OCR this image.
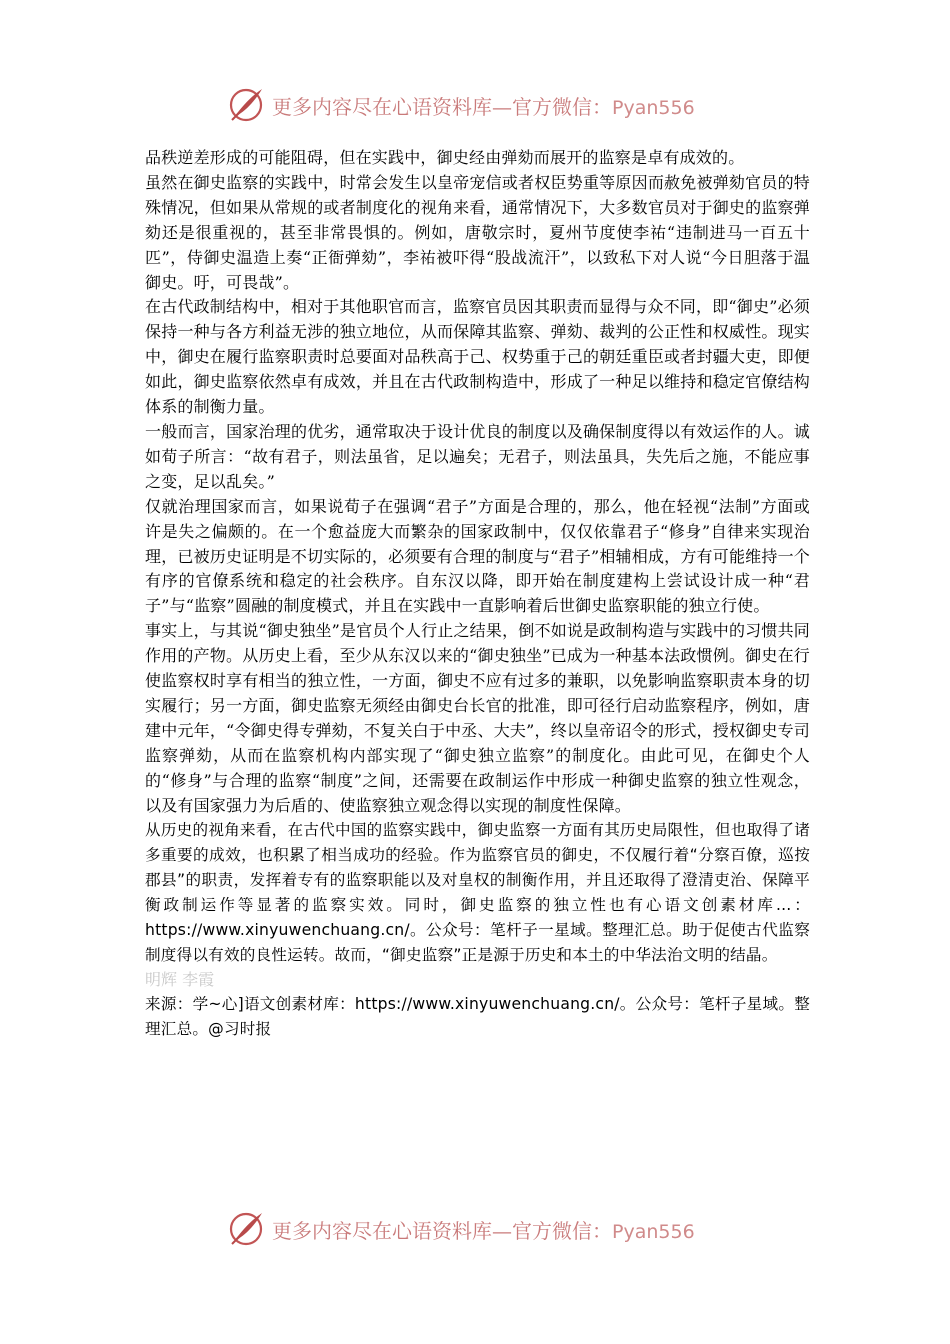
更多内容尽在心语资料库—官方微信：Pyan556

品秩逆差形成的可能阻碍，但在实践中，御史经由弹劾而展开的监察是卓有成效的。

虽然在御史监察的实践中，时常会发生以皇帝宠信或者权臣势重等原因而赦免被弹劾官员的特殊情况，但如果从常规的或者制度化的视角来看，通常情况下，大多数官员对于御史的监察弹劾还是很重视的，甚至非常畏惧的。例如，唐敬宗时，夏州节度使李祐“违制进马一百五十匹”，侍御史温造上奏“正衙弹劾”，李祐被吓得“股战流汗”，以致私下对人说“今日胆落于温御史。吁，可畏哉”。

在古代政制结构中，相对于其他职官而言，监察官员因其职责而显得与众不同，即“御史”必须保持一种与各方利益无涉的独立地位，从而保障其监察、弹劾、裁判的公正性和权威性。现实中，御史在履行监察职责时总要面对品秩高于己、权势重于己的朝廷重臣或者封疆大吏，即便如此，御史监察依然卓有成效，并且在古代政制构造中，形成了一种足以维持和稳定官僚结构体系的制衡力量。

一般而言，国家治理的优劣，通常取决于设计优良的制度以及确保制度得以有效运作的人。诚如荀子所言：“故有君子，则法虽省，足以遍矣；无君子，则法虽具，失先后之施，不能应事之变，足以乱矣。”

仅就治理国家而言，如果说荀子在强调“君子”方面是合理的，那么，他在轻视“法制”方面或许是失之偏颇的。在一个愈益庞大而繁杂的国家政制中，仅仅依靠君子“修身”自律来实现治理，已被历史证明是不切实际的，必须要有合理的制度与“君子”相辅相成，方有可能维持一个有序的官僚系统和稳定的社会秩序。自东汉以降，即开始在制度建构上尝试设计成一种“君子”与“监察”圆融的制度模式，并且在实践中一直影响着后世御史监察职能的独立行使。

事实上，与其说“御史独坐”是官员个人行止之结果，倒不如说是政制构造与实践中的习惯共同作用的产物。从历史上看，至少从东汉以来的“御史独坐”已成为一种基本法政惯例。御史在行使监察权时享有相当的独立性，一方面，御史不应有过多的兼职，以免影响监察职责本身的切实履行；另一方面，御史监察无须经由御史台长官的批准，即可径行启动监察程序，例如，唐建中元年，“令御史得专弹劾，不复关白于中丞、大夫”，终以皇帝诏令的形式，授权御史专司监察弹劾，从而在监察机构内部实现了“御史独立监察”的制度化。由此可见，在御史个人的“修身”与合理的监察“制度”之间，还需要在政制运作中形成一种御史监察的独立性观念，以及有国家强力为后盾的、使监察独立观念得以实现的制度性保障。

从历史的视角来看，在古代中国的监察实践中，御史监察一方面有其历史局限性，但也取得了诸多重要的成效，也积累了相当成功的经验。作为监察官员的御史，不仅履行着“分察百僚，巡按郡县”的职责，发挥着专有的监察职能以及对皇权的制衡作用，并且还取得了澄清吏治、保障平衡政制运作等显著的监察实效。同时，御史监察的独立性也有心语文创素材库...：https://www.xinyuwenchuang.cn/。公众号：笔杆子一星域。整理汇总。助于促使古代监察制度得以有效的良性运转。故而，“御史监察”正是源于历史和本土的中华法治文明的结晶。

明辉 李霞

来源：学~心]语文创素材库：https://www.xinyuwenchuang.cn/。公众号：笔杆子星域。整理汇总。@习时报

更多内容尽在心语资料库—官方微信：Pyan556
